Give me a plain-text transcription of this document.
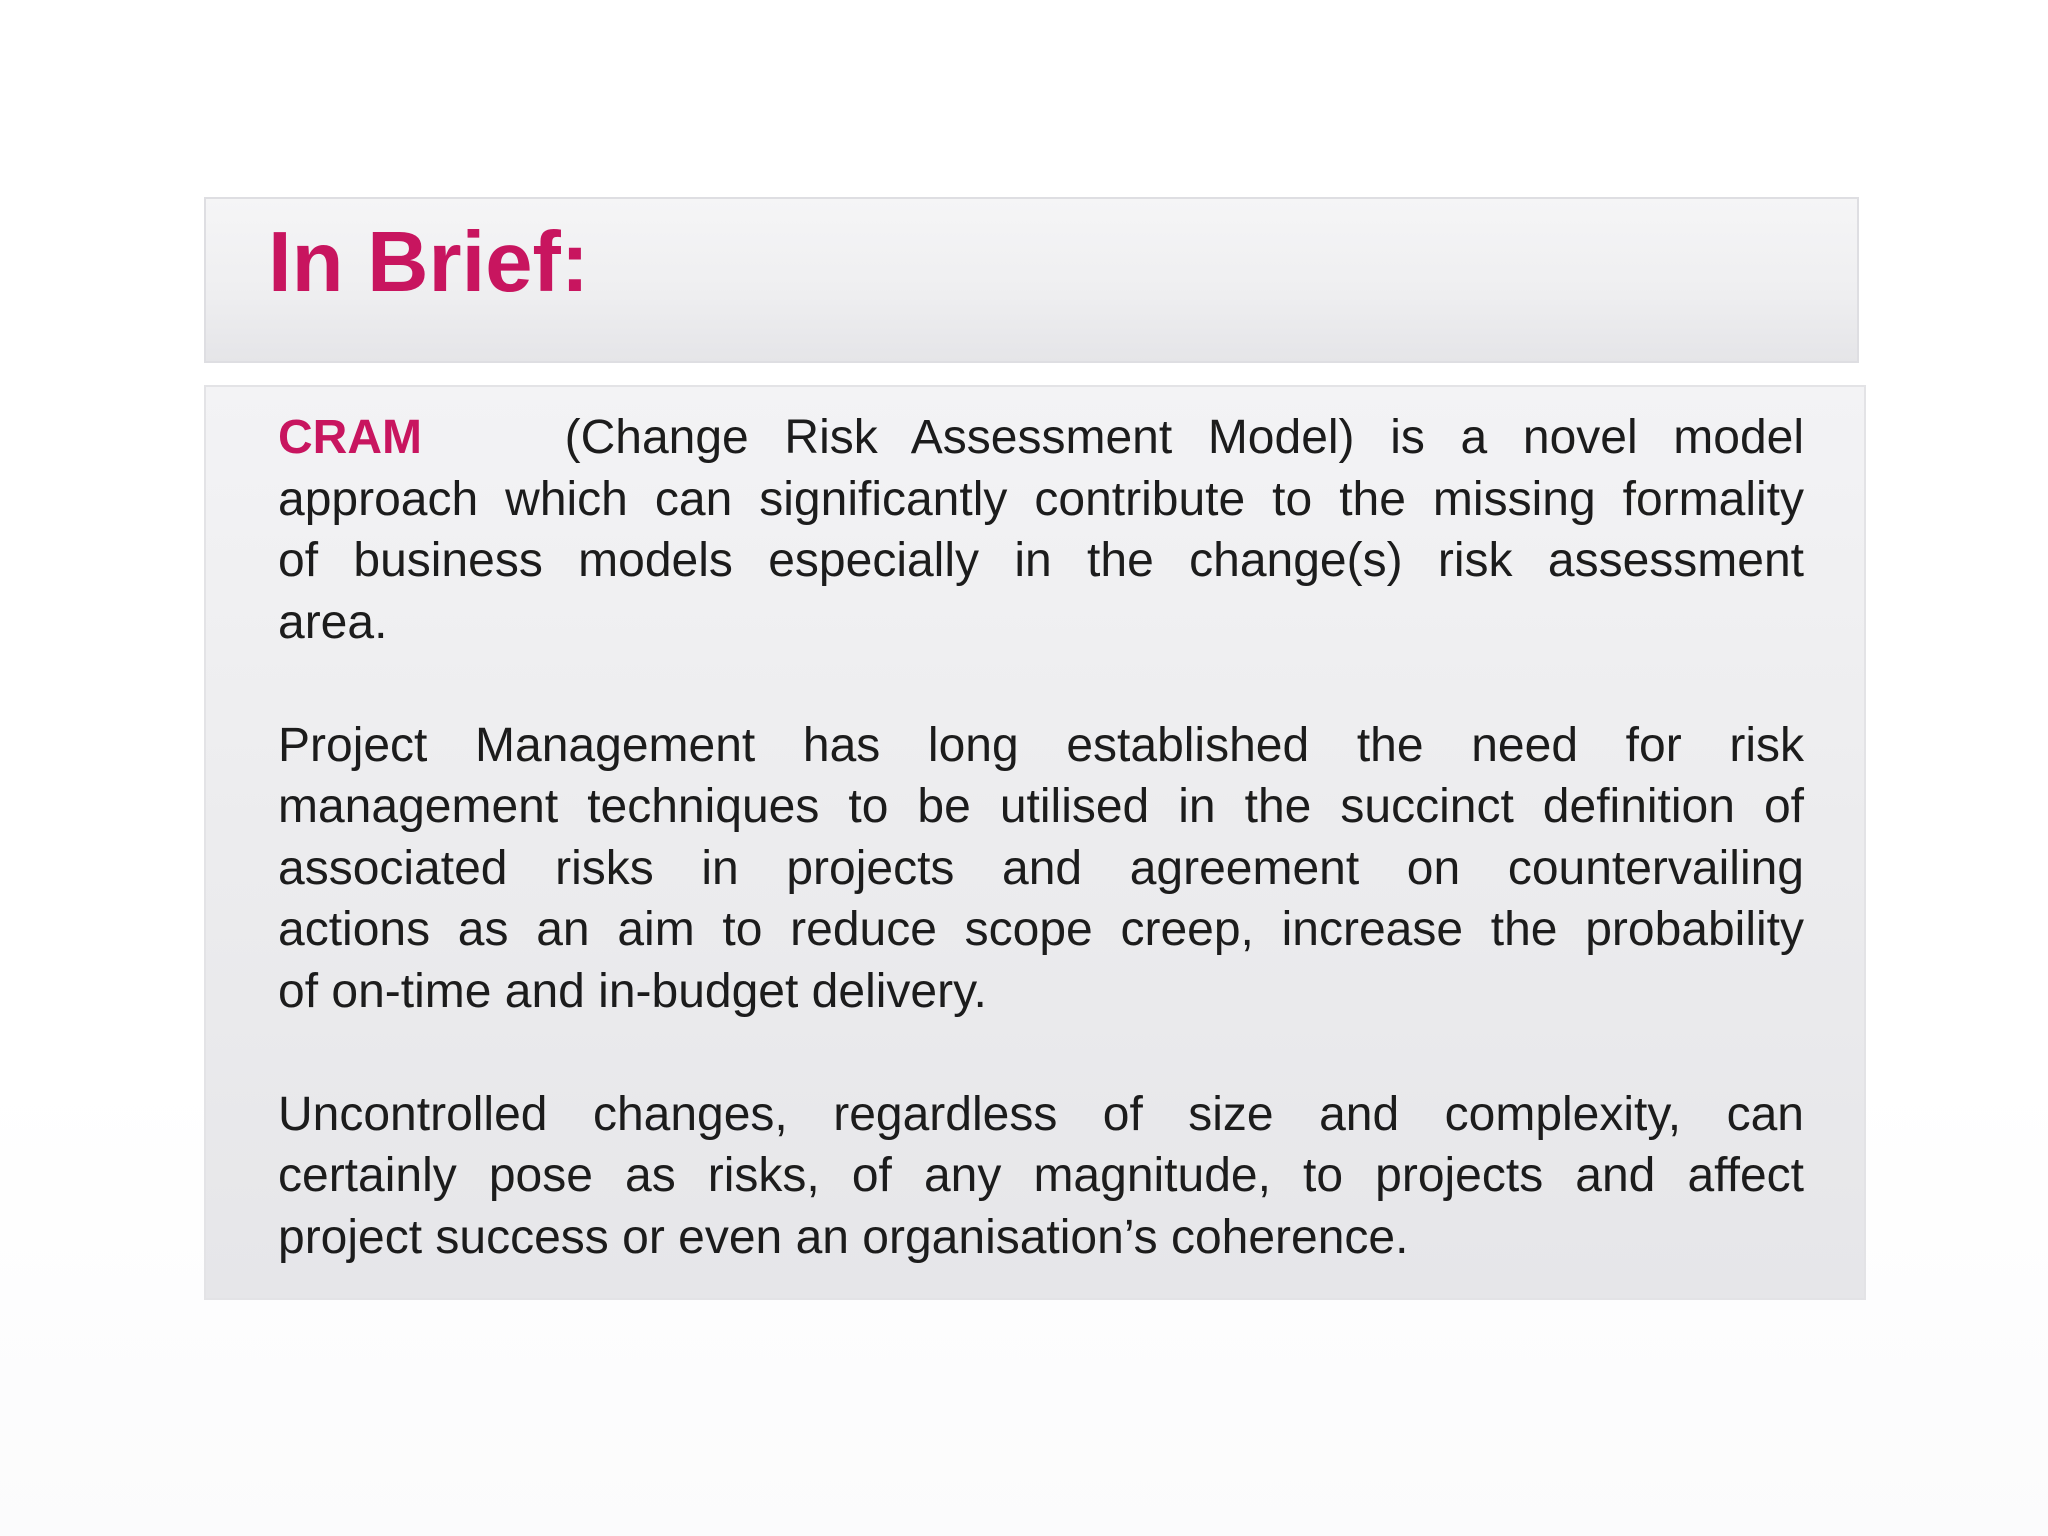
In Brief:

CRAM	(Change Risk Assessment Model) is a novel model
approach which can significantly contribute to the missing formality
of business models especially in the change(s) risk assessment
area.

Project Management has long established the need for risk
management techniques to be utilised in the succinct definition of
associated risks in projects and agreement on countervailing
actions as an aim to reduce scope creep, increase the probability
of on-time and in-budget delivery.

Uncontrolled changes, regardless of size and complexity, can
certainly pose as risks, of any magnitude, to projects and affect
project success or even an organisation’s coherence.
